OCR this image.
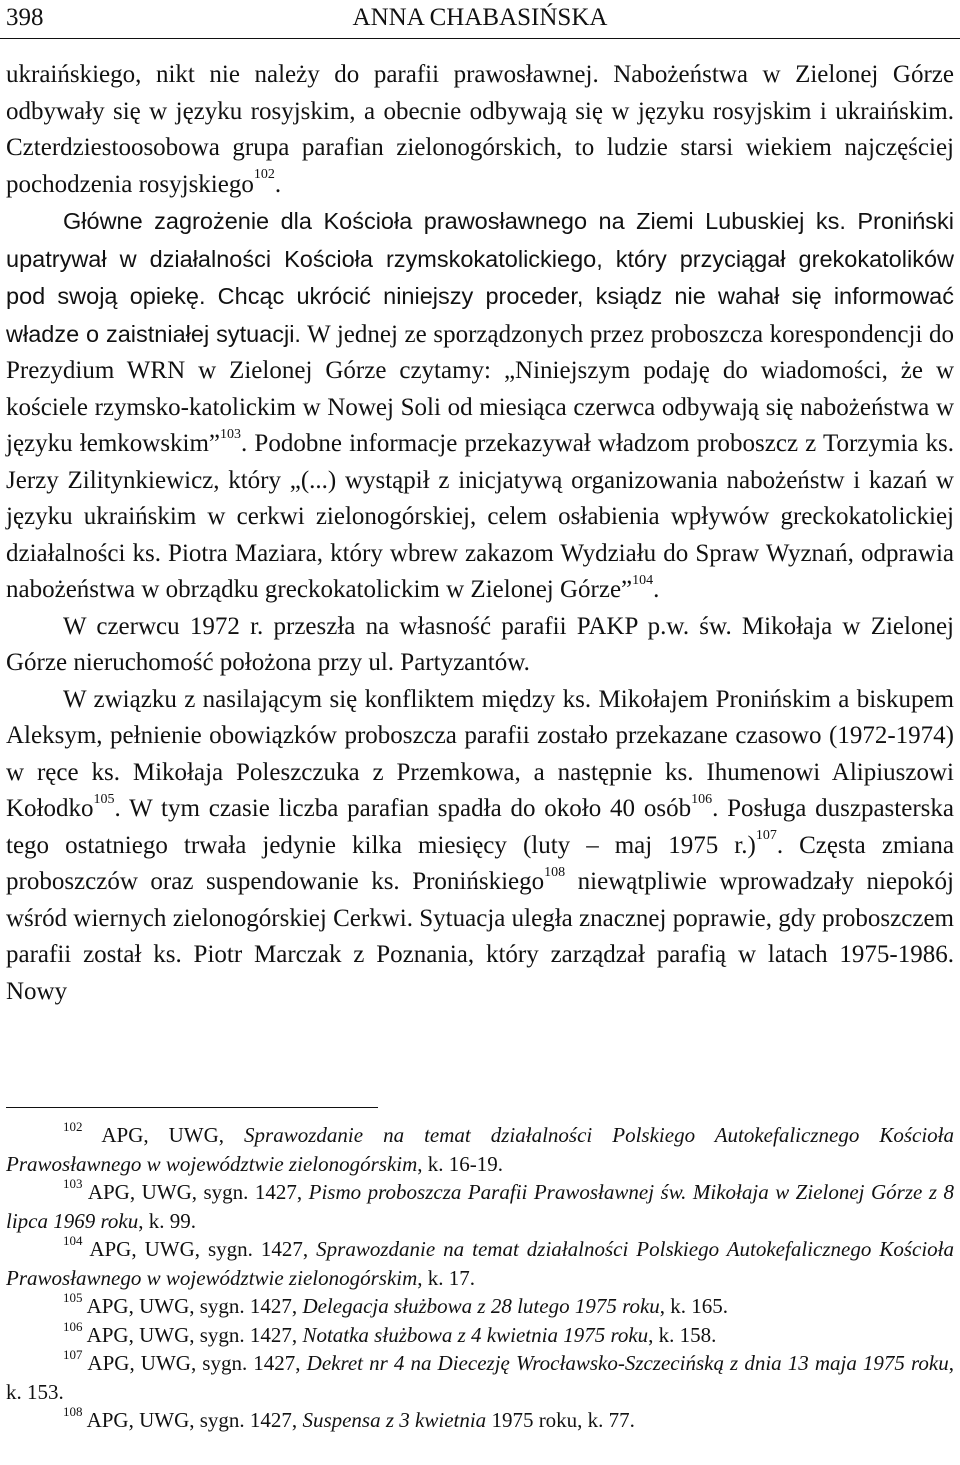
398	ANNA CHABASIŃSKA

ukraińskiego, nikt nie należy do parafii prawosławnej. Nabożeństwa w Zielonej Górze odbywały się w języku rosyjskim, a obecnie odbywają się w języku rosyjskim i ukraińskim. Czterdziestoosobowa grupa parafian zielonogórskich, to ludzie starsi wiekiem najczęściej pochodzenia rosyjskiego$^{102}$.
Główne zagrożenie dla Kościoła prawosławnego na Ziemi Lubuskiej ks. Proniński upatrywał w działalności Kościoła rzymskokatolickiego, który przyciągał grekokatolików pod swoją opiekę. Chcąc ukrócić niniejszy proceder, ksiądz nie wahał się informować władze o zaistniałej sytuacji. W jednej ze sporządzonych przez proboszcza korespondencji do Prezydium WRN w Zielonej Górze czytamy: „Niniejszym podaję do wiadomości, że w kościele rzymsko-katolickim w Nowej Soli od miesiąca czerwca odbywają się nabożeństwa w języku łemkowskim”$^{103}$. Podobne informacje przekazywał władzom proboszcz z Torzymia ks. Jerzy Zilitynkiewicz, który „(...) wystąpił z inicjatywą organizowania nabożeństw i kazań w języku ukraińskim w cerkwi zielonogórskiej, celem osłabienia wpływów greckokatolickiej działalności ks. Piotra Maziara, który wbrew zakazom Wydziału do Spraw Wyznań, odprawia nabożeństwa w obrządku greckokatolickim w Zielonej Górze”$^{104}$.

W czerwcu 1972 r. przeszła na własność parafii PAKP p.w. św. Mikołaja w Zielonej Górze nieruchomość położona przy ul. Partyzantów.

W związku z nasilającym się konfliktem między ks. Mikołajem Pronińskim a biskupem Aleksym, pełnienie obowiązków proboszcza parafii zostało przekazane czasowo (1972-1974) w ręce ks. Mikołaja Poleszczuka z Przemkowa, a następnie ks. Ihumenowi Alipiuszowi Kołodko$^{105}$. W tym czasie liczba parafian spadła do około 40 osób$^{106}$. Posługa duszpasterska tego ostatniego trwała jedynie kilka miesięcy (luty – maj 1975 r.)$^{107}$. Częsta zmiana proboszczów oraz suspendowanie ks. Pronińskiego$^{108}$ niewątpliwie wprowadzały niepokój wśród wiernych zielonogórskiej Cerkwi. Sytuacja uległa znacznej poprawie, gdy proboszczem parafii został ks. Piotr Marczak z Poznania, który zarządzał parafią w latach 1975-1986. Nowy

$^{102}$ APG, UWG, Sprawozdanie na temat działalności Polskiego Autokefalicznego Kościoła Prawosławnego w województwie zielonogórskim, k. 16-19.

$^{103}$ APG, UWG, sygn. 1427, Pismo proboszcza Parafii Prawosławnej św. Mikołaja w Zielonej Górze z 8 lipca 1969 roku, k. 99.

$^{104}$ APG, UWG, sygn. 1427, Sprawozdanie na temat działalności Polskiego Autokefalicznego Kościoła Prawosławnego w województwie zielonogórskim, k. 17.

$^{105}$ APG, UWG, sygn. 1427, Delegacja służbowa z 28 lutego 1975 roku, k. 165.

$^{106}$ APG, UWG, sygn. 1427, Notatka służbowa z 4 kwietnia 1975 roku, k. 158.

$^{107}$ APG, UWG, sygn. 1427, Dekret nr 4 na Diecezję Wrocławsko-Szczecińską z dnia 13 maja 1975 roku, k. 153.

$^{108}$ APG, UWG, sygn. 1427, Suspensa z 3 kwietnia 1975 roku, k. 77.
